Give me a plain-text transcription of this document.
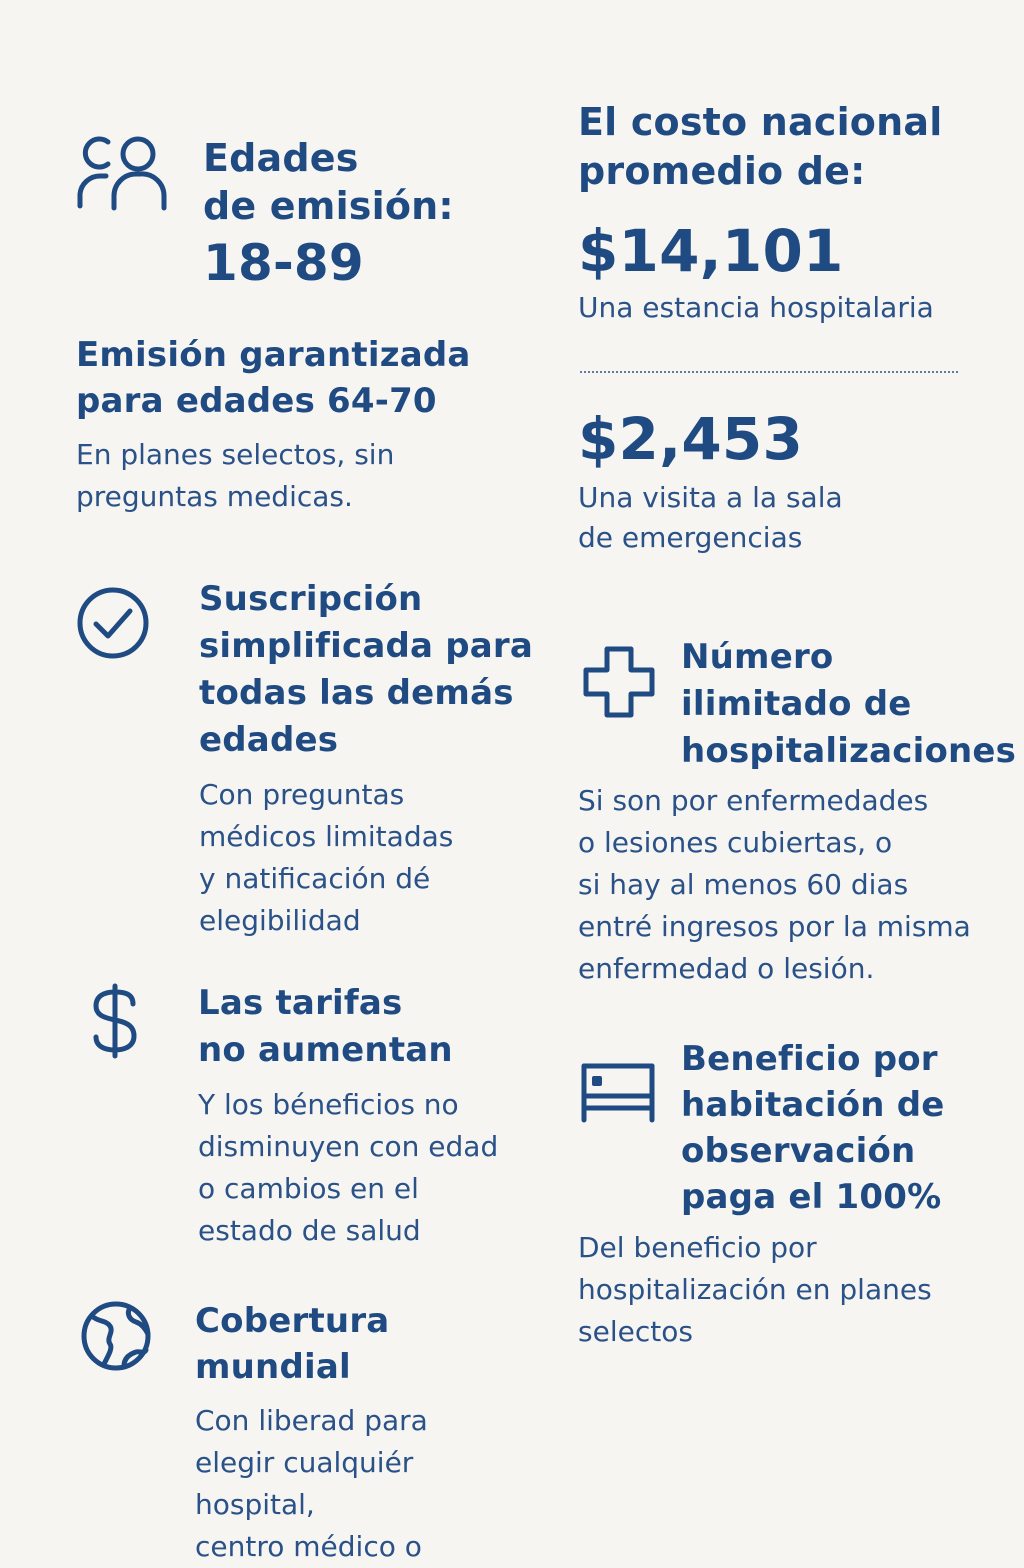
Edades
de emisión:

18-89

Emisión garantizada
para edades 64-70

En planes selectos, sin
preguntas medicas.

Suscripción
simplificada para
todas las demás
edades

Con preguntas
médicos limitadas
y natificación dé
elegibilidad

Las tarifas
no aumentan

Y los béneficios no
disminuyen con edad
o cambios en el
estado de salud

Cobertura
mundial

Con liberad para
elegir cualquiér hospital,
centro médico o

El costo nacional
promedio de:

$14,101

Una estancia hospitalaria

$2,453

Una visita a la sala
de emergencias

Número
ilimitado de
hospitalizaciones

Si son por enfermedades
o lesiones cubiertas, o
si hay al menos 60 dias
entré ingresos por la misma
enfermedad o lesión.

Beneficio por
habitación de
observación
paga el 100%

Del beneficio por
hospitalización en planes
selectos
